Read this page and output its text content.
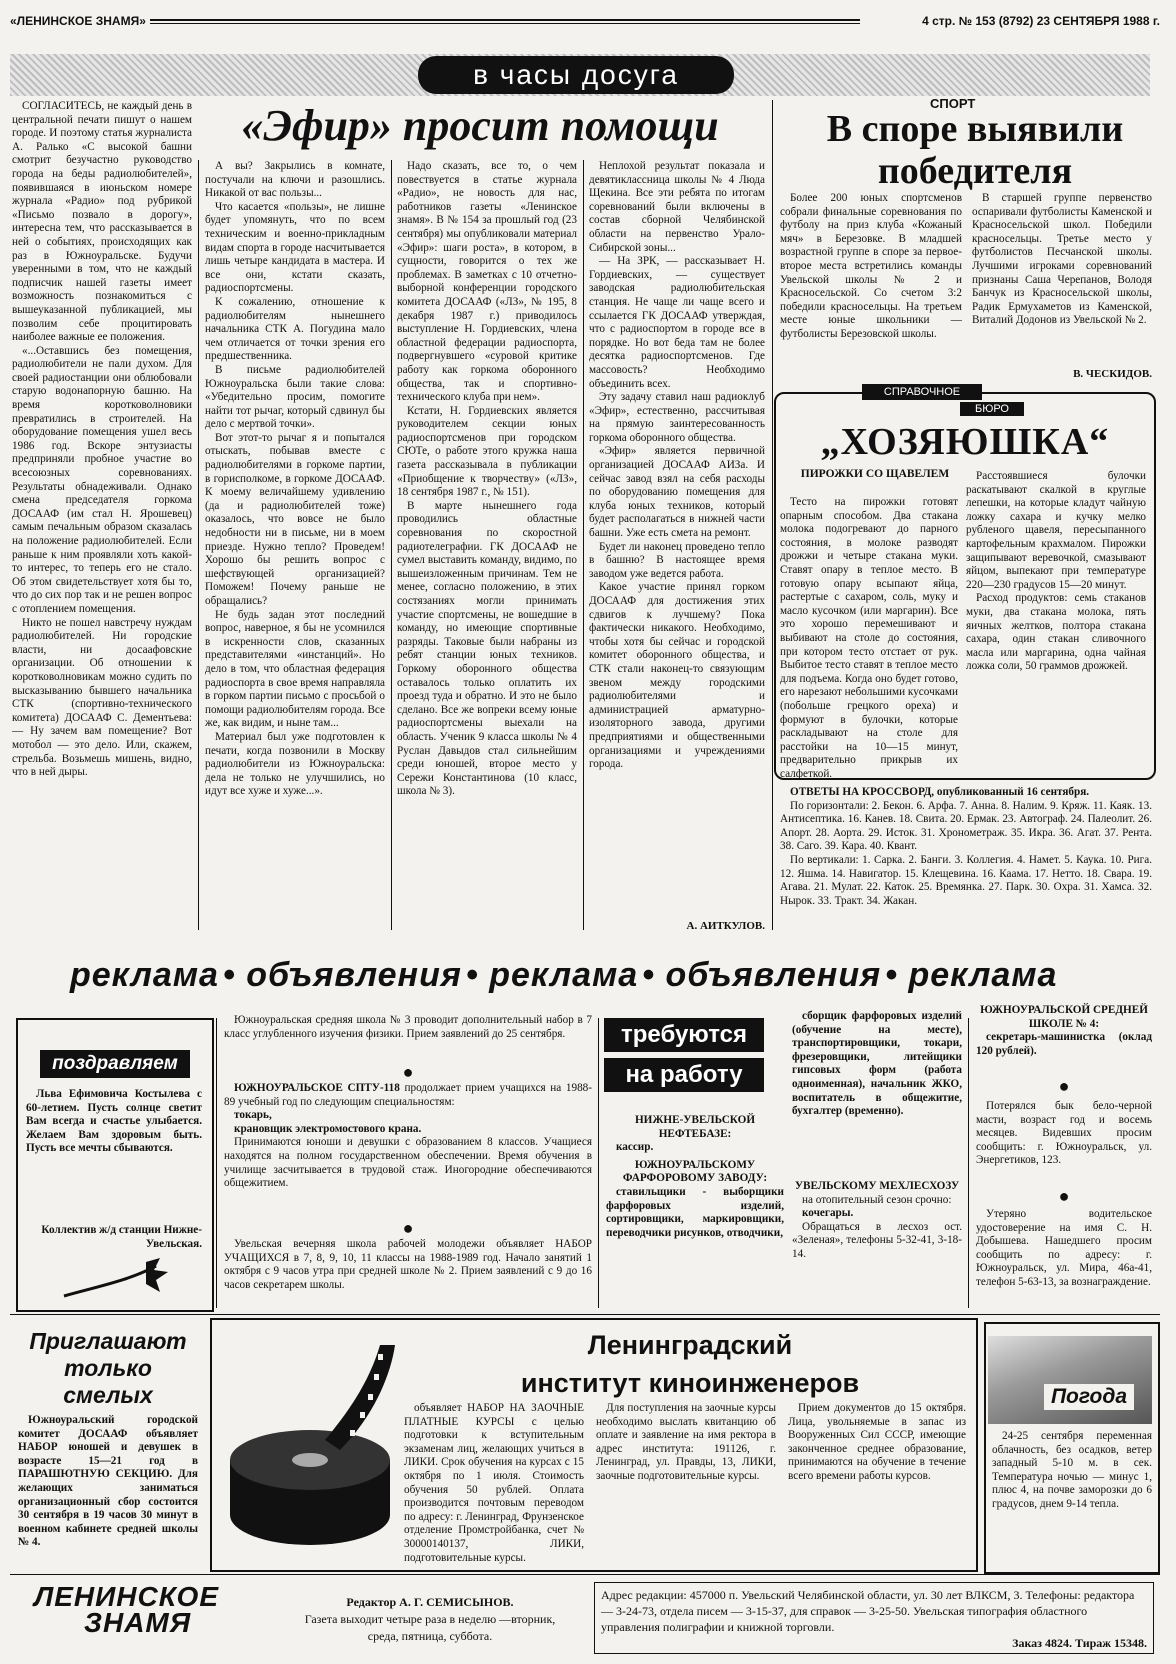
«ЛЕНИНСКОЕ ЗНАМЯ»	4 стр. № 153 (8792) 23 СЕНТЯБРЯ 1988 г.
в часы досуга
«Эфир» просит помощи

СОГЛАСИТЕСЬ, не каждый день в центральной печати пишут о нашем городе. И поэтому статья журналиста А. Ралько «С высокой башни смотрит безучастно руководство города на беды радиолюбителей», появившаяся в июньском номере журнала «Радио» под рубрикой «Письмо позвало в дорогу», интересна тем, что рассказывается в ней о событиях, происходящих как раз в Южноуральске. Будучи уверенными в том, что не каждый подписчик нашей газеты имеет возможность познакомиться с вышеуказанной публикацией, мы позволим себе процитировать наиболее важные ее положения.

«...Оставшись без помещения, радиолюбители не пали духом. Для своей радиостанции они облюбовали старую водонапорную башню. На время коротковолновики превратились в строителей. На оборудование помещения ушел весь 1986 год. Вскоре энтузиасты предприняли пробное участие во всесоюзных соревнованиях. Результаты обнадеживали. Однако смена председателя горкома ДОСААФ (им стал Н. Ярошевец) самым печальным образом сказалась на положение радиолюбителей. Если раньше к ним проявляли хоть какой-то интерес, то теперь его не стало. Об этом свидетельствует хотя бы то, что до сих пор так и не решен вопрос с отоплением помещения.

Никто не пошел навстречу нуждам радиолюбителей. Ни городские власти, ни досаафовские организации. Об отношении к коротковолновикам можно судить по высказыванию бывшего начальника СТК (спортивно-технического комитета) ДОСААФ С. Дементьева: — Ну зачем вам помещение? Вот мотобол — это дело. Или, скажем, стрельба. Возьмешь мишень, видно, что в ней дыры.

А вы? Закрылись в комнате, постучали на ключи и разошлись. Никакой от вас пользы...

Что касается «пользы», не лишне будет упомянуть, что по всем техническим и военно-прикладным видам спорта в городе насчитывается лишь четыре кандидата в мастера. И все они, кстати сказать, радиоспортсмены.

К сожалению, отношение к радиолюбителям нынешнего начальника СТК А. Погудина мало чем отличается от точки зрения его предшественника.

В письме радиолюбителей Южноуральска были такие слова: «Убедительно просим, помогите найти тот рычаг, который сдвинул бы дело с мертвой точки».

Вот этот-то рычаг я и попытался отыскать, побывав вместе с радиолюбителями в горкоме партии, в горисполкоме, в горкоме ДОСААФ. К моему величайшему удивлению (да и радиолюбителей тоже) оказалось, что вовсе не было недобности ни в письме, ни в моем приезде. Нужно тепло? Проведем! Хорошо бы решить вопрос с шефствующей организацией? Поможем! Почему раньше не обращались?

Не будь задан этот последний вопрос, наверное, я бы не усомнился в искренности слов, сказанных представителями «инстанций». Но дело в том, что областная федерация радиоспорта в свое время направляла в горком партии письмо с просьбой о помощи радиолюбителям города. Все же, как видим, и ныне там...

Материал был уже подготовлен к печати, когда позвонили в Москву радиолюбители из Южноуральска: дела не только не улучшились, но идут все хуже и хуже...».

Надо сказать, все то, о чем повествуется в статье журнала «Радио», не новость для нас, работников газеты «Ленинское знамя». В № 154 за прошлый год (23 сентября) мы опубликовали материал «Эфир»: шаги роста», в котором, в сущности, говорится о тех же проблемах. В заметках с 10 отчетно-выборной конференции городского комитета ДОСААФ («ЛЗ», № 195, 8 декабря 1987 г.) приводилось выступление Н. Гордиевских, члена областной федерации радиоспорта, подвергнувшего «суровой критике работу как горкома оборонного общества, так и спортивно-технического клуба при нем».

Кстати, Н. Гордиевских является руководителем секции юных радиоспортсменов при городском СЮТе, о работе этого кружка наша газета рассказывала в публикации «Приобщение к творчеству» («ЛЗ», 18 сентября 1987 г., № 151).

В марте нынешнего года проводились областные соревнования по скоростной радиотелеграфии. ГК ДОСААФ не сумел выставить команду, видимо, по вышеизложенным причинам. Тем не менее, согласно положению, в этих состязаниях могли принимать участие спортсмены, не вошедшие в команду, но имеющие спортивные разряды. Таковые были набраны из ребят станции юных техников. Горкому оборонного общества оставалось только оплатить их проезд туда и обратно. И это не было сделано. Все же вопреки всему юные радиоспортсмены выехали на область. Ученик 9 класса школы № 4 Руслан Давыдов стал сильнейшим среди юношей, второе место у Сережи Константинова (10 класс, школа № 3).

Неплохой результат показала и девятиклассница школы № 4 Люда Щекина. Все эти ребята по итогам соревнований были включены в состав сборной Челябинской области на первенство Урало-Сибирской зоны...

— На ЗРК, — рассказывает Н. Гордиевских, — существует заводская радиолюбительская станция. Не чаще ли чаще всего и ссылается ГК ДОСААФ утверждая, что с радиоспортом в городе все в порядке. Но вот беда там не более десятка радиоспортсменов. Где массовость? Необходимо объединить всех.

Эту задачу ставил наш радиоклуб «Эфир», естественно, рассчитывая на прямую заинтересованность горкома оборонного общества.

«Эфир» является первичной организацией ДОСААФ АИЗа. И сейчас завод взял на себя расходы по оборудованию помещения для клуба юных техников, который будет располагаться в нижней части башни. Уже есть смета на ремонт.

Будет ли наконец проведено тепло в башню? В настоящее время заводом уже ведется работа.

Какое участие принял горком ДОСААФ для достижения этих сдвигов к лучшему? Пока фактически никакого. Необходимо, чтобы хотя бы сейчас и городской комитет оборонного общества, и СТК стали наконец-то связующим звеном между городскими радиолюбителями и администрацией арматурно-изоляторного завода, другими предприятиями и общественными организациями и учреждениями города.

А. АИТКУЛОВ.
СПОРТ
В споре выявили победителя

Более 200 юных спортсменов собрали финальные соревнования по футболу на приз клуба «Кожаный мяч» в Березовке. В младшей возрастной группе в споре за первое-второе места встретились команды Увельской школы № 2 и Красносельской. Со счетом 3:2 победили красносельцы. На третьем месте юные школьники — футболисты Березовской школы.

В старшей группе первенство оспаривали футболисты Каменской и Красносельской школ. Победили красносельцы. Третье место у футболистов Песчанской школы. Лучшими игроками соревнований признаны Саша Черепанов, Володя Банчук из Красносельской школы, Радик Ермухаметов из Каменской, Виталий Додонов из Увельской № 2.

В. ЧЕСКИДОВ.
СПРАВОЧНОЕ
БЮРО
„ХОЗЯЮШКА“
ПИРОЖКИ СО ЩАВЕЛЕМ

Тесто на пирожки готовят опарным способом. Два стакана молока подогревают до парного состояния, в молоке разводят дрожжи и четыре стакана муки. Ставят опару в теплое место. В готовую опару всыпают яйца, растертые с сахаром, соль, муку и масло кусочком (или маргарин). Все это хорошо перемешивают и выбивают на столе до состояния, при котором тесто отстает от рук. Выбитое тесто ставят в теплое место для подъема. Когда оно будет готово, его нарезают небольшими кусочками (побольше грецкого ореха) и формуют в булочки, которые раскладывают на столе для расстойки на 10—15 минут, предварительно прикрыв их салфеткой.

Расстоявшиеся булочки раскатывают скалкой в круглые лепешки, на которые кладут чайную ложку сахара и кучку мелко рубленого щавеля, пересыпанного картофельным крахмалом. Пирожки защипывают веревочкой, смазывают яйцом, выпекают при температуре 220—230 градусов 15—20 минут.

Расход продуктов: семь стаканов муки, два стакана молока, пять яичных желтков, полтора стакана сахара, один стакан сливочного масла или маргарина, одна чайная ложка соли, 50 граммов дрожжей.

ОТВЕТЫ НА КРОССВОРД, опубликованный 16 сентября.

По горизонтали: 2. Бекон. 6. Арфа. 7. Анна. 8. Налим. 9. Кряж. 11. Каяк. 13. Антисептика. 16. Канев. 18. Свита. 20. Ермак. 23. Автограф. 24. Палеолит. 26. Апорт. 28. Аорта. 29. Исток. 31. Хронометраж. 35. Икра. 36. Агат. 37. Рента. 38. Саго. 39. Кара. 40. Квант.

По вертикали: 1. Сарка. 2. Банги. 3. Коллегия. 4. Намет. 5. Каука. 10. Рига. 12. Яшма. 14. Навигатор. 15. Клещевина. 16. Каама. 17. Нетто. 18. Свара. 19. Агава. 21. Мулат. 22. Каток. 25. Времянка. 27. Парк. 30. Охра. 31. Хамса. 32. Нырок. 33. Тракт. 34. Жакан.

реклама • объявления • реклама • объявления • реклама
поздравляем

Льва Ефимовича Костылева с 60-летием. Пусть солнце светит Вам всегда и счастье улыбается. Желаем Вам здоровым быть. Пусть все мечты сбываются.

Коллектив ж/д станции Нижне-Увельская.

Южноуральская средняя школа № 3 проводит дополнительный набор в 7 класс углубленного изучения физики. Прием заявлений до 25 сентября.

●

ЮЖНОУРАЛЬСКОЕ СПТУ-118 продолжает прием учащихся на 1988-89 учебный год по следующим специальностям:

токарь,

крановщик электромостового крана.

Принимаются юноши и девушки с образованием 8 классов. Учащиеся находятся на полном государственном обеспечении. Время обучения в училище засчитывается в трудовой стаж. Иногородние обеспечиваются общежитием.

●

Увельская вечерняя школа рабочей молодежи объявляет НАБОР УЧАЩИХСЯ в 7, 8, 9, 10, 11 классы на 1988-1989 год. Начало занятий 1 октября с 9 часов утра при средней школе № 2. Прием заявлений с 9 до 16 часов секретарем школы.

требуются
на работу

НИЖНЕ-УВЕЛЬСКОЙ НЕФТЕБАЗЕ:

кассир.

ЮЖНОУРАЛЬСКОМУ ФАРФОРОВОМУ ЗАВОДУ:

ставильщики - выборщики фарфоровых изделий, сортировщики, маркировщики, переводчики рисунков, отводчики,

сборщик фарфоровых изделий (обучение на месте), транспортировщики, токари, фрезеровщики, литейщики гипсовых форм (работа одноименная), начальник ЖКО, воспитатель в общежитие, бухгалтер (временно).

УВЕЛЬСКОМУ МЕХЛЕСХОЗУ

на отопительный сезон срочно:

кочегары.

Обращаться в лесхоз ост. «Зеленая», телефоны 5-32-41, 3-18-14.

ЮЖНОУРАЛЬСКОЙ СРЕДНЕЙ ШКОЛЕ № 4:

секретарь-машинистка (оклад 120 рублей).

●

Потерялся бык бело-черной масти, возраст год и восемь месяцев. Видевших просим сообщить: г. Южноуральск, ул. Энергетиков, 123.

●

Утеряно водительское удостоверение на имя С. Н. Добышева. Нашедшего просим сообщить по адресу: г. Южноуральск, ул. Мира, 46а-41, телефон 5-63-13, за вознаграждение.

Приглашают только смелых

Южноуральский городской комитет ДОСААФ объявляет НАБОР юношей и девушек в возрасте 15—21 год в ПАРАШЮТНУЮ СЕКЦИЮ. Для желающих заниматься организационный сбор состоится 30 сентября в 19 часов 30 минут в военном кабинете средней школы № 4.

Ленинградский
институт киноинженеров

объявляет НАБОР НА ЗАОЧНЫЕ ПЛАТНЫЕ КУРСЫ с целью подготовки к вступительным экзаменам лиц, желающих учиться в ЛИКИ. Срок обучения на курсах с 15 октября по 1 июля. Стоимость обучения 50 рублей. Оплата производится почтовым переводом по адресу: г. Ленинград, Фрунзенское отделение Промстройбанка, счет № 30000140137, ЛИКИ, подготовительные курсы.

Для поступления на заочные курсы необходимо выслать квитанцию об оплате и заявление на имя ректора в адрес института: 191126, г. Ленинград, ул. Правды, 13, ЛИКИ, заочные подготовительные курсы.

Прием документов до 15 октября. Лица, увольняемые в запас из Вооруженных Сил СССР, имеющие законченное среднее образование, принимаются на обучение в течение всего времени работы курсов.

Погода

24-25 сентября переменная облачность, без осадков, ветер западный 5-10 м. в сек. Температура ночью — минус 1, плюс 4, на почве заморозки до 6 градусов, днем 9-14 тепла.

ЛЕНИНСКОЕ
ЗНАМЯ
Редактор А. Г. СЕМИСЫНОВ.
Газета выходит четыре раза в неделю —вторник, среда, пятница, суббота.
Адрес редакции: 457000 п. Увельский Челябинской области, ул. 30 лет ВЛКСМ, 3. Телефоны: редактора — 3-24-73, отдела писем — 3-15-37, для справок — 3-25-50. Увельская типография областного управления полиграфии и книжной торговли.
Заказ 4824. Тираж 15348.
